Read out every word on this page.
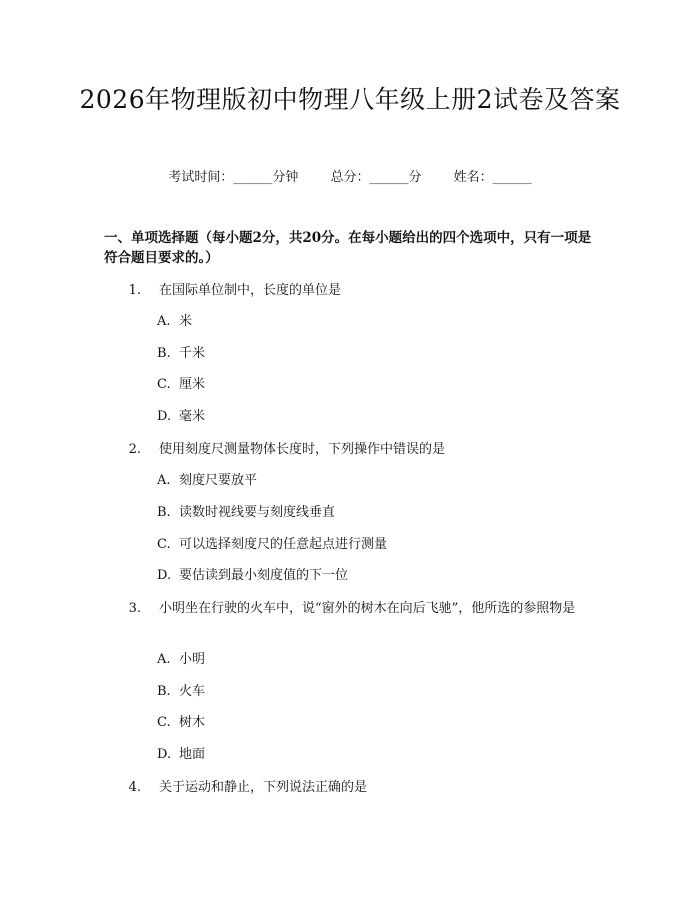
2026年物理版初中物理八年级上册2试卷及答案
考试时间：______分钟 总分：______分 姓名：______
一、单项选择题（每小题2分，共20分。在每小题给出的四个选项中，只有一项是符合题目要求的。）
1. 在国际单位制中，长度的单位是
A. 米
B. 千米
C. 厘米
D. 毫米
2. 使用刻度尺测量物体长度时，下列操作中错误的是
A. 刻度尺要放平
B. 读数时视线要与刻度线垂直
C. 可以选择刻度尺的任意起点进行测量
D. 要估读到最小刻度值的下一位
3. 小明坐在行驶的火车中，说“窗外的树木在向后飞驰”，他所选的参照物是
A. 小明
B. 火车
C. 树木
D. 地面
4. 关于运动和静止，下列说法正确的是
